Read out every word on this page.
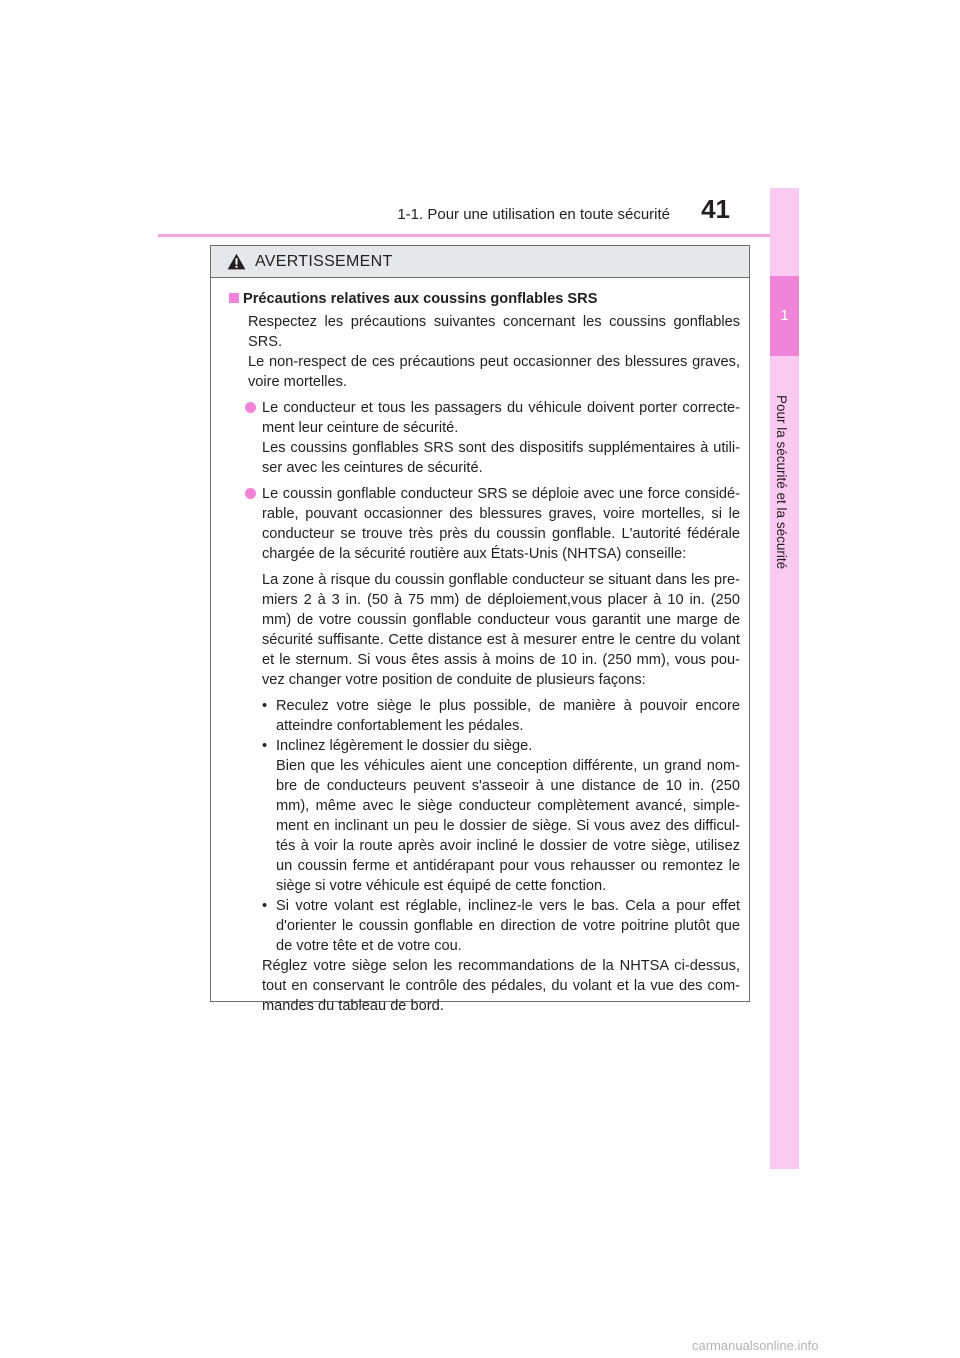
1-1. Pour une utilisation en toute sécurité	41
1
Pour la sécurité et la sécurité
AVERTISSEMENT
Précautions relatives aux coussins gonflables SRS
Respectez les précautions suivantes concernant les coussins gonflables SRS.
Le non-respect de ces précautions peut occasionner des blessures graves, voire mortelles.
Le conducteur et tous les passagers du véhicule doivent porter correctement leur ceinture de sécurité.
Les coussins gonflables SRS sont des dispositifs supplémentaires à utiliser avec les ceintures de sécurité.
Le coussin gonflable conducteur SRS se déploie avec une force considérable, pouvant occasionner des blessures graves, voire mortelles, si le conducteur se trouve très près du coussin gonflable. L'autorité fédérale chargée de la sécurité routière aux États-Unis (NHTSA) conseille:
La zone à risque du coussin gonflable conducteur se situant dans les premiers 2 à 3 in. (50 à 75 mm) de déploiement,vous placer à 10 in. (250 mm) de votre coussin gonflable conducteur vous garantit une marge de sécurité suffisante. Cette distance est à mesurer entre le centre du volant et le sternum. Si vous êtes assis à moins de 10 in. (250 mm), vous pouvez changer votre position de conduite de plusieurs façons:
• Reculez votre siège le plus possible, de manière à pouvoir encore atteindre confortablement les pédales.
• Inclinez légèrement le dossier du siège.
Bien que les véhicules aient une conception différente, un grand nombre de conducteurs peuvent s'asseoir à une distance de 10 in. (250 mm), même avec le siège conducteur complètement avancé, simplement en inclinant un peu le dossier de siège. Si vous avez des difficultés à voir la route après avoir incliné le dossier de votre siège, utilisez un coussin ferme et antidérapant pour vous rehausser ou remontez le siège si votre véhicule est équipé de cette fonction.
• Si votre volant est réglable, inclinez-le vers le bas. Cela a pour effet d'orienter le coussin gonflable en direction de votre poitrine plutôt que de votre tête et de votre cou.
Réglez votre siège selon les recommandations de la NHTSA ci-dessus, tout en conservant le contrôle des pédales, du volant et la vue des commandes du tableau de bord.
carmanualsonline.info
